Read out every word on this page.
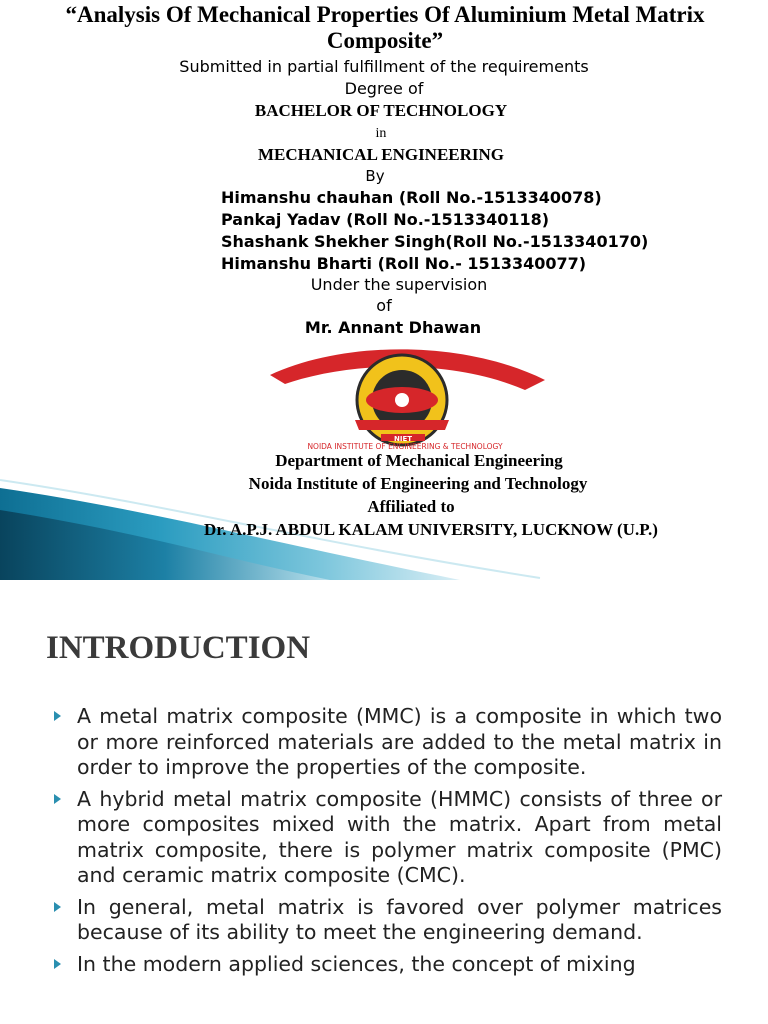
“Analysis Of Mechanical Properties Of Aluminium Metal Matrix Composite”
Submitted in partial fulfillment of the requirements
Degree of
BACHELOR OF TECHNOLOGY
in
MECHANICAL ENGINEERING
By
Himanshu chauhan (Roll No.-1513340078)
Pankaj Yadav (Roll No.-1513340118)
Shashank Shekher Singh(Roll No.-1513340170)
Himanshu Bharti (Roll No.- 1513340077)
Under the supervision
of
Mr. Annant Dhawan
NIET
NOIDA INSTITUTE OF ENGINEERING & TECHNOLOGY
Department of Mechanical Engineering
Noida Institute of Engineering and Technology
Affiliated to
Dr. A.P.J. ABDUL KALAM UNIVERSITY, LUCKNOW (U.P.)
INTRODUCTION
A metal matrix composite (MMC) is a composite in which two or more reinforced materials are added to the metal matrix in order to improve the properties of the composite.
A hybrid metal matrix composite (HMMC) consists of three or more composites mixed with the matrix. Apart from metal matrix composite, there is polymer matrix composite (PMC) and ceramic matrix composite (CMC).
In general, metal matrix is favored over polymer matrices because of its ability to meet the engineering demand.
In the modern applied sciences, the concept of mixing
